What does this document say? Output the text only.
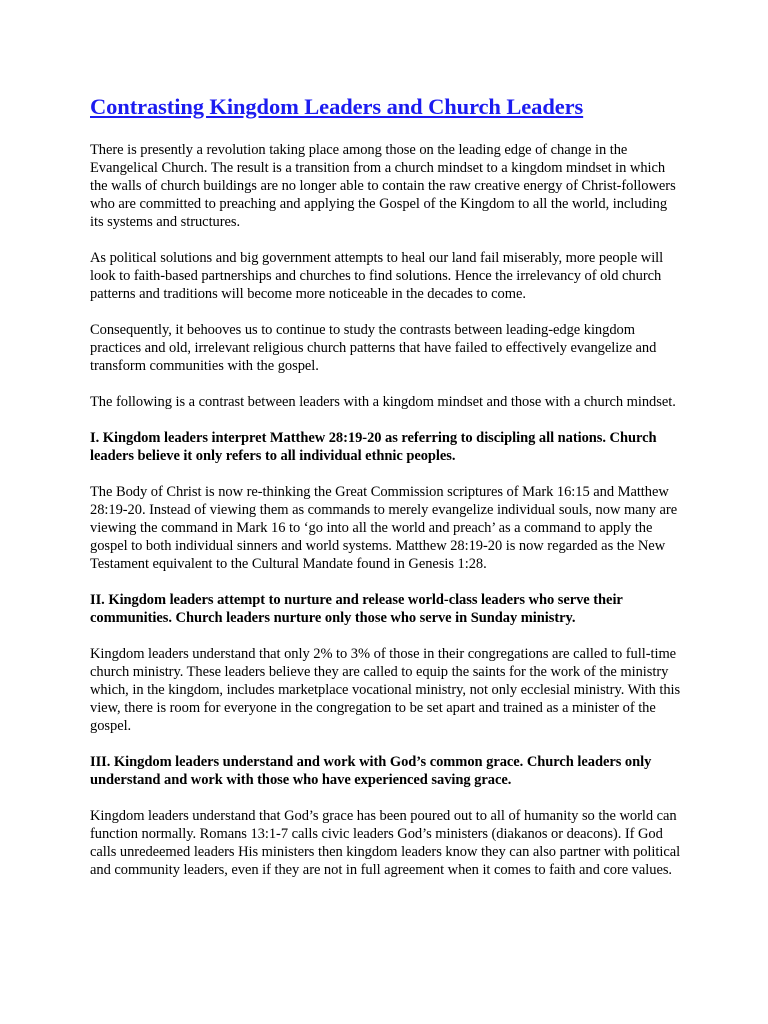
Contrasting Kingdom Leaders and Church Leaders

There is presently a revolution taking place among those on the leading edge of change in the Evangelical Church. The result is a transition from a church mindset to a kingdom mindset in which the walls of church buildings are no longer able to contain the raw creative energy of Christ-followers who are committed to preaching and applying the Gospel of the Kingdom to all the world, including its systems and structures.

As political solutions and big government attempts to heal our land fail miserably, more people will look to faith-based partnerships and churches to find solutions. Hence the irrelevancy of old church patterns and traditions will become more noticeable in the decades to come.

Consequently, it behooves us to continue to study the contrasts between leading-edge kingdom practices and old, irrelevant religious church patterns that have failed to effectively evangelize and transform communities with the gospel.

The following is a contrast between leaders with a kingdom mindset and those with a church mindset.

I. Kingdom leaders interpret Matthew 28:19-20 as referring to discipling all nations. Church leaders believe it only refers to all individual ethnic peoples.

The Body of Christ is now re-thinking the Great Commission scriptures of Mark 16:15 and Matthew 28:19-20. Instead of viewing them as commands to merely evangelize individual souls, now many are viewing the command in Mark 16 to ‘go into all the world and preach’ as a command to apply the gospel to both individual sinners and world systems. Matthew 28:19-20 is now regarded as the New Testament equivalent to the Cultural Mandate found in Genesis 1:28.

II. Kingdom leaders attempt to nurture and release world-class leaders who serve their communities. Church leaders nurture only those who serve in Sunday ministry.

Kingdom leaders understand that only 2% to 3% of those in their congregations are called to full-time church ministry. These leaders believe they are called to equip the saints for the work of the ministry which, in the kingdom, includes marketplace vocational ministry, not only ecclesial ministry. With this view, there is room for everyone in the congregation to be set apart and trained as a minister of the gospel.

III. Kingdom leaders understand and work with God’s common grace. Church leaders only understand and work with those who have experienced saving grace.

Kingdom leaders understand that God’s grace has been poured out to all of humanity so the world can function normally. Romans 13:1-7 calls civic leaders God’s ministers (diakanos or deacons). If God calls unredeemed leaders His ministers then kingdom leaders know they can also partner with political and community leaders, even if they are not in full agreement when it comes to faith and core values.
